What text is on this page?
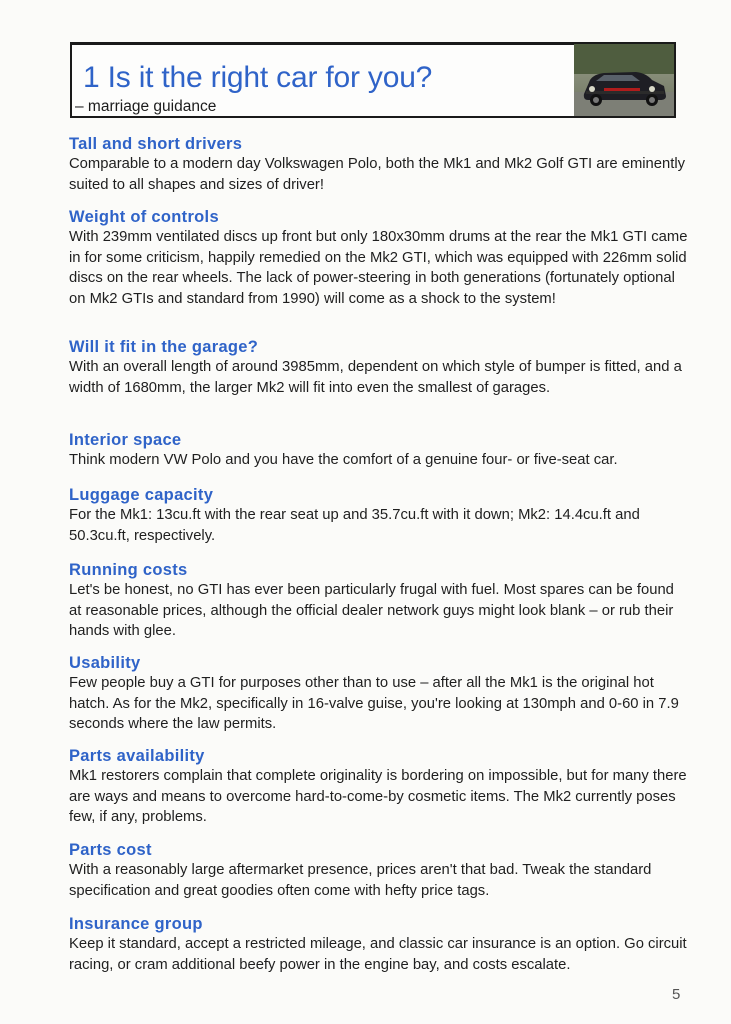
1 Is it the right car for you?
– marriage guidance
Tall and short drivers

Comparable to a modern day Volkswagen Polo, both the Mk1 and Mk2 Golf GTI are eminently suited to all shapes and sizes of driver!

Weight of controls

With 239mm ventilated discs up front but only 180x30mm drums at the rear the Mk1 GTI came in for some criticism, happily remedied on the Mk2 GTI, which was equipped with 226mm solid discs on the rear wheels. The lack of power-steering in both generations (fortunately optional on Mk2 GTIs and standard from 1990) will come as a shock to the system!

Will it fit in the garage?

With an overall length of around 3985mm, dependent on which style of bumper is fitted, and a width of 1680mm, the larger Mk2 will fit into even the smallest of garages.

Interior space

Think modern VW Polo and you have the comfort of a genuine four- or five-seat car.

Luggage capacity

For the Mk1: 13cu.ft with the rear seat up and 35.7cu.ft with it down; Mk2: 14.4cu.ft and 50.3cu.ft, respectively.

Running costs

Let's be honest, no GTI has ever been particularly frugal with fuel. Most spares can be found at reasonable prices, although the official dealer network guys might look blank – or rub their hands with glee.

Usability

Few people buy a GTI for purposes other than to use – after all the Mk1 is the original hot hatch. As for the Mk2, specifically in 16-valve guise, you're looking at 130mph and 0-60 in 7.9 seconds where the law permits.

Parts availability

Mk1 restorers complain that complete originality is bordering on impossible, but for many there are ways and means to overcome hard-to-come-by cosmetic items. The Mk2 currently poses few, if any, problems.

Parts cost

With a reasonably large aftermarket presence, prices aren't that bad. Tweak the standard specification and great goodies often come with hefty price tags.

Insurance group

Keep it standard, accept a restricted mileage, and classic car insurance is an option. Go circuit racing, or cram additional beefy power in the engine bay, and costs escalate.

5
